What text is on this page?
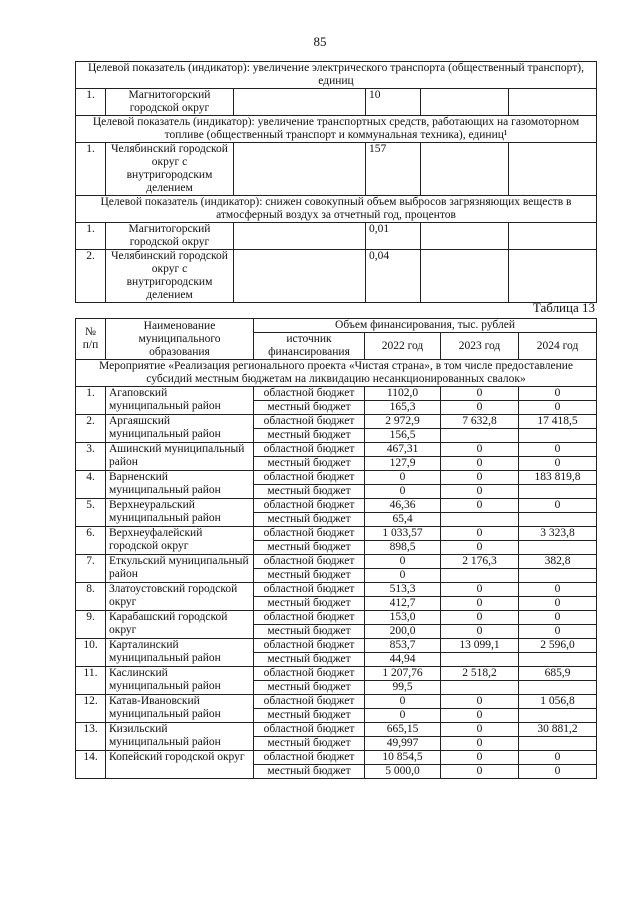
85
Целевой показатель (индикатор): увеличение электрического транспорта (общественный транспорт), единиц					
1.	Магнитогорский городской округ		10		
Целевой показатель (индикатор): увеличение транспортных средств, работающих на газомоторном топливе (общественный транспорт и коммунальная техника), единиц¹					
1.	Челябинский городской округ с внутригородским делением		157		
Целевой показатель (индикатор): снижен совокупный объем выбросов загрязняющих веществ в атмосферный воздух за отчетный год, процентов					
1.	Магнитогорский городской округ		0,01		
2.	Челябинский городской округ с внутригородским делением		0,04		
Таблица 13
№ п/п	Наименование муниципального образования	Объем финансирования, тыс. рублей			
		источник финансирования	2022 год	2023 год	2024 год
Мероприятие «Реализация регионального проекта «Чистая страна», в том числе предоставление субсидий местным бюджетам на ликвидацию несанкционированных свалок»					
1.	Агаповский муниципальный район	областной бюджет	1102,0	0	0
		местный бюджет	165,3	0	0
2.	Аргаяшский муниципальный район	областной бюджет	2 972,9	7 632,8	17 418,5
		местный бюджет	156,5		
3.	Ашинский муниципальный район	областной бюджет	467,31	0	0
		местный бюджет	127,9	0	0
4.	Варненский муниципальный район	областной бюджет	0	0	183 819,8
		местный бюджет	0	0	
5.	Верхнеуральский муниципальный район	областной бюджет	46,36	0	0
		местный бюджет	65,4		
6.	Верхнеуфалейский городской округ	областной бюджет	1 033,57	0	3 323,8
		местный бюджет	898,5	0	
7.	Еткульский муниципальный район	областной бюджет	0	2 176,3	382,8
		местный бюджет	0		
8.	Златоустовский городской округ	областной бюджет	513,3	0	0
		местный бюджет	412,7	0	0
9.	Карабашский городской округ	областной бюджет	153,0	0	0
		местный бюджет	200,0	0	0
10.	Карталинский муниципальный район	областной бюджет	853,7	13 099,1	2 596,0
		местный бюджет	44,94		
11.	Каслинский муниципальный район	областной бюджет	1 207,76	2 518,2	685,9
		местный бюджет	99,5		
12.	Катав-Ивановский муниципальный район	областной бюджет	0	0	1 056,8
		местный бюджет	0	0	
13.	Кизильский муниципальный район	областной бюджет	665,15	0	30 881,2
		местный бюджет	49,997	0	
14.	Копейский городской округ	областной бюджет	10 854,5	0	0
		местный бюджет	5 000,0	0	0
